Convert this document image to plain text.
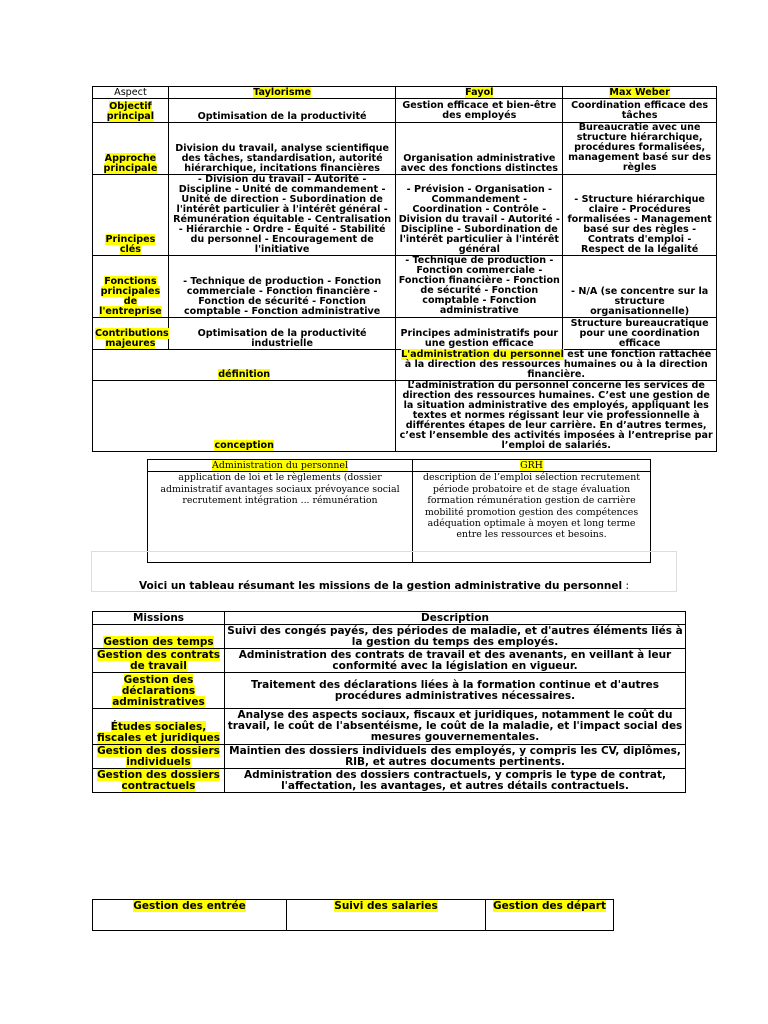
Aspect	Taylorisme	Fayol	Max Weber
Objectif principal	Optimisation de la productivité	Gestion efficace et bien-être des employés	Coordination efficace des tâches
Approche principale	Division du travail, analyse scientifique des tâches, standardisation, autorité hiérarchique, incitations financières	Organisation administrative avec des fonctions distinctes	Bureaucratie avec une structure hiérarchique, procédures formalisées, management basé sur des règles
Principes clés	- Division du travail - Autorité - Discipline - Unité de commandement - Unité de direction - Subordination de l'intérêt particulier à l'intérêt général - Rémunération équitable - Centralisation - Hiérarchie - Ordre - Équité - Stabilité du personnel - Encouragement de l'initiative	- Prévision - Organisation - Commandement - Coordination - Contrôle - Division du travail - Autorité - Discipline - Subordination de l'intérêt particulier à l'intérêt général	- Structure hiérarchique claire - Procédures formalisées - Management basé sur des règles - Contrats d'emploi - Respect de la légalité
Fonctions principales de l'entreprise	- Technique de production - Fonction commerciale - Fonction financière - Fonction de sécurité - Fonction comptable - Fonction administrative	- Technique de production - Fonction commerciale - Fonction financière - Fonction de sécurité - Fonction comptable - Fonction administrative	- N/A (se concentre sur la structure organisationnelle)
Contributions majeures	Optimisation de la productivité industrielle	Principes administratifs pour une gestion efficace	Structure bureaucratique pour une coordination efficace
définition		L'administration du personnel est une fonction rattachée à la direction des ressources humaines ou à la direction financière.	
conception		L’administration du personnel concerne les services de direction des ressources humaines. C’est une gestion de la situation administrative des employés, appliquant les textes et normes régissant leur vie professionnelle à différentes étapes de leur carrière. En d’autres termes, c’est l’ensemble des activités imposées à l’entreprise par l’emploi de salariés.	
Administration du personnel	GRH
application de loi et le règlements (dossier administratif avantages sociaux prévoyance social recrutement intégration ... rémunération	description de l’emploi sélection recrutement période probatoire et de stage évaluation formation rémunération gestion de carrière mobilité promotion gestion des compétences adéquation optimale à moyen et long terme entre les ressources et besoins.
Voici un tableau résumant les missions de la gestion administrative du personnel :
Missions	Description
Gestion des temps	Suivi des congés payés, des périodes de maladie, et d'autres éléments liés à la gestion du temps des employés.
Gestion des contrats de travail	Administration des contrats de travail et des avenants, en veillant à leur conformité avec la législation en vigueur.
Gestion des déclarations administratives	Traitement des déclarations liées à la formation continue et d'autres procédures administratives nécessaires.
Études sociales, fiscales et juridiques	Analyse des aspects sociaux, fiscaux et juridiques, notamment le coût du travail, le coût de l'absentéisme, le coût de la maladie, et l'impact social des mesures gouvernementales.
Gestion des dossiers individuels	Maintien des dossiers individuels des employés, y compris les CV, diplômes, RIB, et autres documents pertinents.
Gestion des dossiers contractuels	Administration des dossiers contractuels, y compris le type de contrat, l'affectation, les avantages, et autres détails contractuels.
Gestion des entrée	Suivi des salaries	Gestion des départ
